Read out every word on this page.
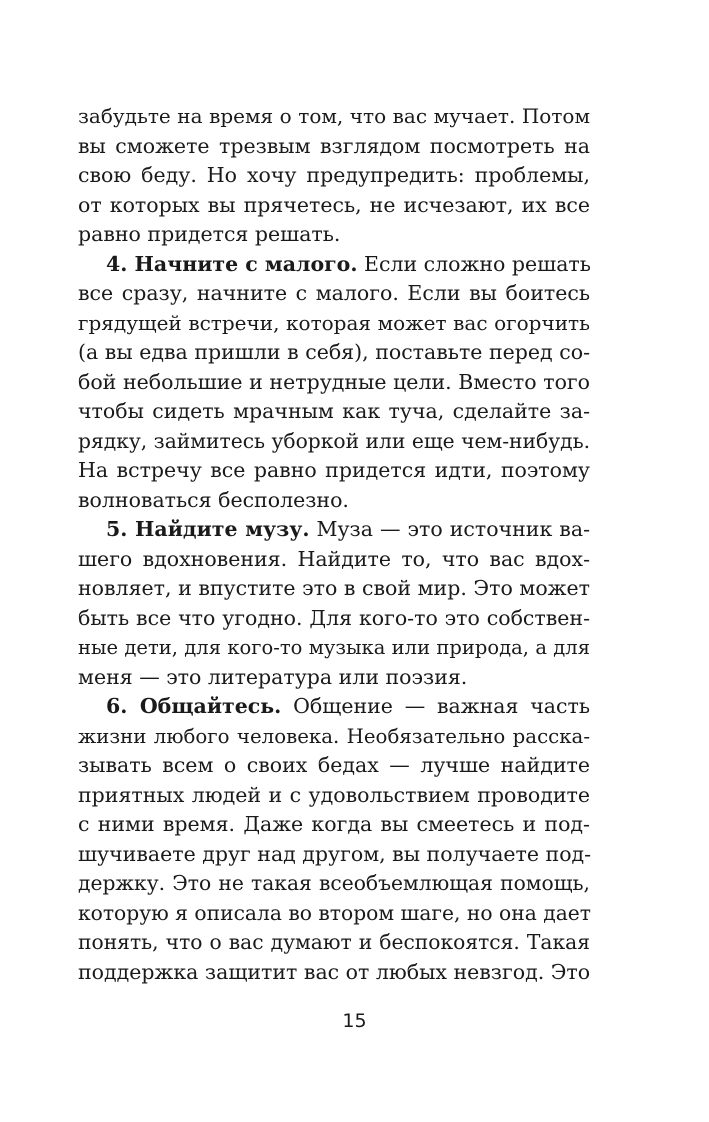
забудьте на время о том, что вас мучает. Потом
вы сможете трезвым взглядом посмотреть на
свою беду. Но хочу предупредить: проблемы,
от которых вы прячетесь, не исчезают, их все
равно придется решать.
4. Начните с малого. Если сложно решать
все сразу, начните с малого. Если вы боитесь
грядущей встречи, которая может вас огорчить
(а вы едва пришли в себя), поставьте перед со-
бой небольшие и нетрудные цели. Вместо того
чтобы сидеть мрачным как туча, сделайте за-
рядку, займитесь уборкой или еще чем-нибудь.
На встречу все равно придется идти, поэтому
волноваться бесполезно.
5. Найдите музу. Муза — это источник ва-
шего вдохновения. Найдите то, что вас вдох-
новляет, и впустите это в свой мир. Это может
быть все что угодно. Для кого-то это собствен-
ные дети, для кого-то музыка или природа, а для
меня — это литература или поэзия.
6. Общайтесь. Общение — важная часть
жизни любого человека. Необязательно расска-
зывать всем о своих бедах — лучше найдите
приятных людей и с удовольствием проводите
с ними время. Даже когда вы смеетесь и под-
шучиваете друг над другом, вы получаете под-
держку. Это не такая всеобъемлющая помощь,
которую я описала во втором шаге, но она дает
понять, что о вас думают и беспокоятся. Такая
поддержка защитит вас от любых невзгод. Это
15
